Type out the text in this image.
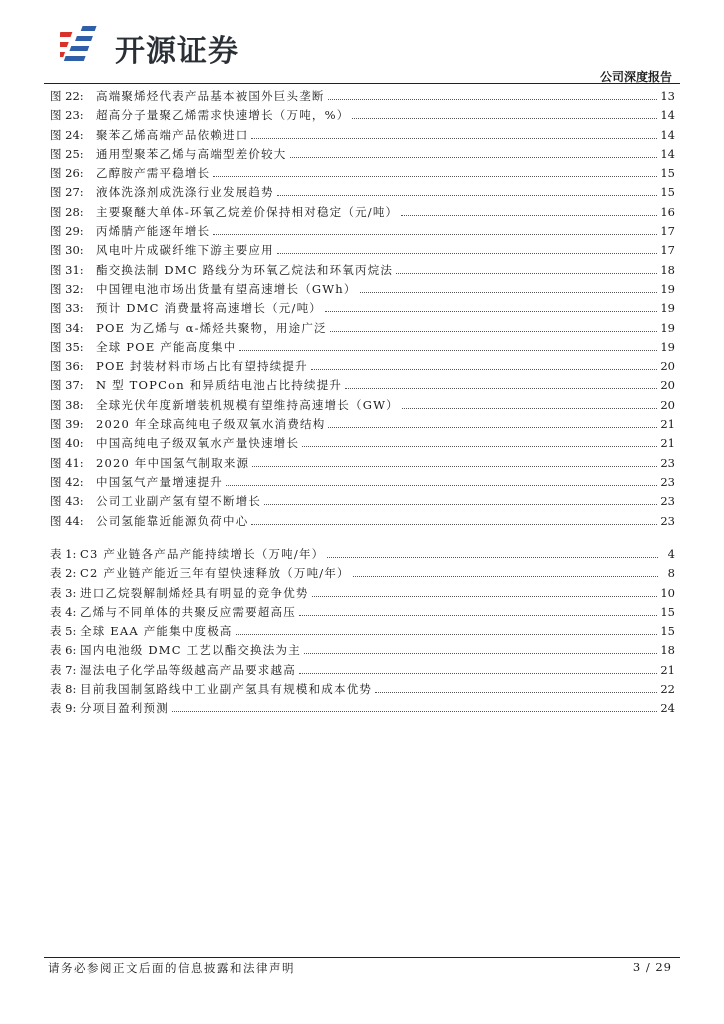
开源证券
公司深度报告
图 22:	高端聚烯烃代表产品基本被国外巨头垄断	13
图 23:	超高分子量聚乙烯需求快速增长（万吨，%）	14
图 24:	聚苯乙烯高端产品依赖进口	14
图 25:	通用型聚苯乙烯与高端型差价较大	14
图 26:	乙醇胺产需平稳增长	15
图 27:	液体洗涤剂成洗涤行业发展趋势	15
图 28:	主要聚醚大单体-环氧乙烷差价保持相对稳定（元/吨）	16
图 29:	丙烯腈产能逐年增长	17
图 30:	风电叶片成碳纤维下游主要应用	17
图 31:	酯交换法制 DMC 路线分为环氧乙烷法和环氧丙烷法	18
图 32:	中国锂电池市场出货量有望高速增长（GWh）	19
图 33:	预计 DMC 消费量将高速增长（元/吨）	19
图 34:	POE 为乙烯与 α-烯烃共聚物，用途广泛	19
图 35:	全球 POE 产能高度集中	19
图 36:	POE 封装材料市场占比有望持续提升	20
图 37:	N 型 TOPCon 和异质结电池占比持续提升	20
图 38:	全球光伏年度新增装机规模有望维持高速增长（GW）	20
图 39:	2020 年全球高纯电子级双氧水消费结构	21
图 40:	中国高纯电子级双氧水产量快速增长	21
图 41:	2020 年中国氢气制取来源	23
图 42:	中国氢气产量增速提升	23
图 43:	公司工业副产氢有望不断增长	23
图 44:	公司氢能靠近能源负荷中心	23
表 1: C3 产业链各产品产能持续增长（万吨/年）	4
表 2: C2 产业链产能近三年有望快速释放（万吨/年）	8
表 3: 进口乙烷裂解制烯烃具有明显的竞争优势	10
表 4: 乙烯与不同单体的共聚反应需要超高压	15
表 5: 全球 EAA 产能集中度极高	15
表 6: 国内电池级 DMC 工艺以酯交换法为主	18
表 7: 湿法电子化学品等级越高产品要求越高	21
表 8: 目前我国制氢路线中工业副产氢具有规模和成本优势	22
表 9: 分项目盈利预测	24
请务必参阅正文后面的信息披露和法律声明	3 / 29
